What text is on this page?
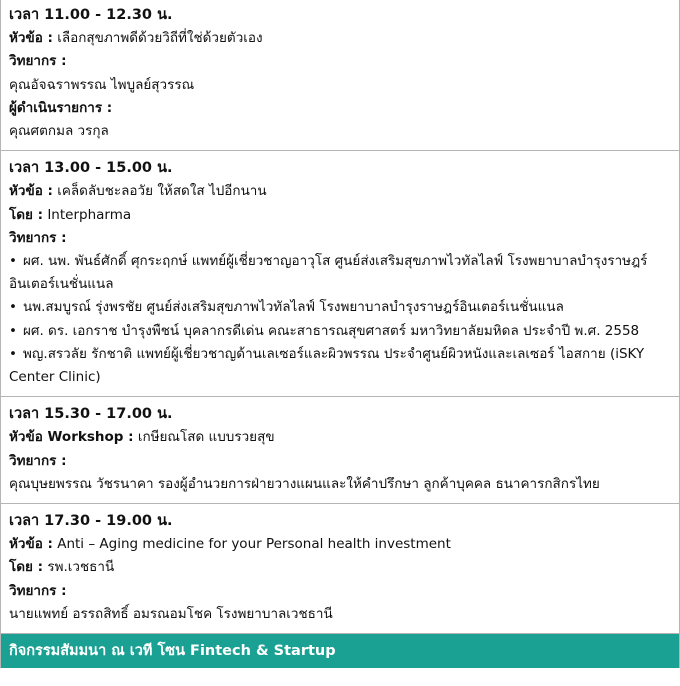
เวลา 11.00 - 12.30 น.
หัวข้อ : เลือกสุขภาพดีด้วยวิถีที่ใช่ด้วยตัวเอง
วิทยากร :
คุณอัจฉราพรรณ ไพบูลย์สุวรรณ
ผู้ดำเนินรายการ :
คุณศตกมล วรกุล
เวลา 13.00 - 15.00 น.
หัวข้อ : เคล็ดลับชะลอวัย ให้สดใส ไปอีกนาน
โดย : Interpharma
วิทยากร :
• ผศ. นพ. พันธ์ศักดิ์ ศุกระฤกษ์ แพทย์ผู้เชี่ยวชาญอาวุโส ศูนย์ส่งเสริมสุขภาพไวทัลไลฟ์ โรงพยาบาลบำรุงราษฎร์อินเตอร์เนชั่นแนล
• นพ.สมบูรณ์ รุ่งพรชัย ศูนย์ส่งเสริมสุขภาพไวทัลไลฟ์ โรงพยาบาลบำรุงราษฎร์อินเตอร์เนชั่นแนล
• ผศ. ดร. เอกราช บำรุงพืชน์ บุคลากรดีเด่น คณะสาธารณสุขศาสตร์ มหาวิทยาลัยมหิดล ประจำปี พ.ศ. 2558
• พญ.สรวลัย รักชาติ แพทย์ผู้เชี่ยวชาญด้านเลเซอร์และผิวพรรณ ประจำศูนย์ผิวหนังและเลเซอร์ ไอสกาย (iSKY Center Clinic)
เวลา 15.30 - 17.00 น.
หัวข้อ Workshop : เกษียณโสด แบบรวยสุข
วิทยากร :
คุณบุษยพรรณ วัชรนาคา รองผู้อำนวยการฝ่ายวางแผนและให้คำปรึกษา ลูกค้าบุคคล ธนาคารกสิกรไทย
เวลา 17.30 - 19.00 น.
หัวข้อ : Anti – Aging medicine for your Personal health investment
โดย : รพ.เวชธานี
วิทยากร :
นายแพทย์ อรรถสิทธิ์ อมรณอมโชค โรงพยาบาลเวชธานี
กิจกรรมสัมมนา ณ เวที โซน Fintech & Startup
